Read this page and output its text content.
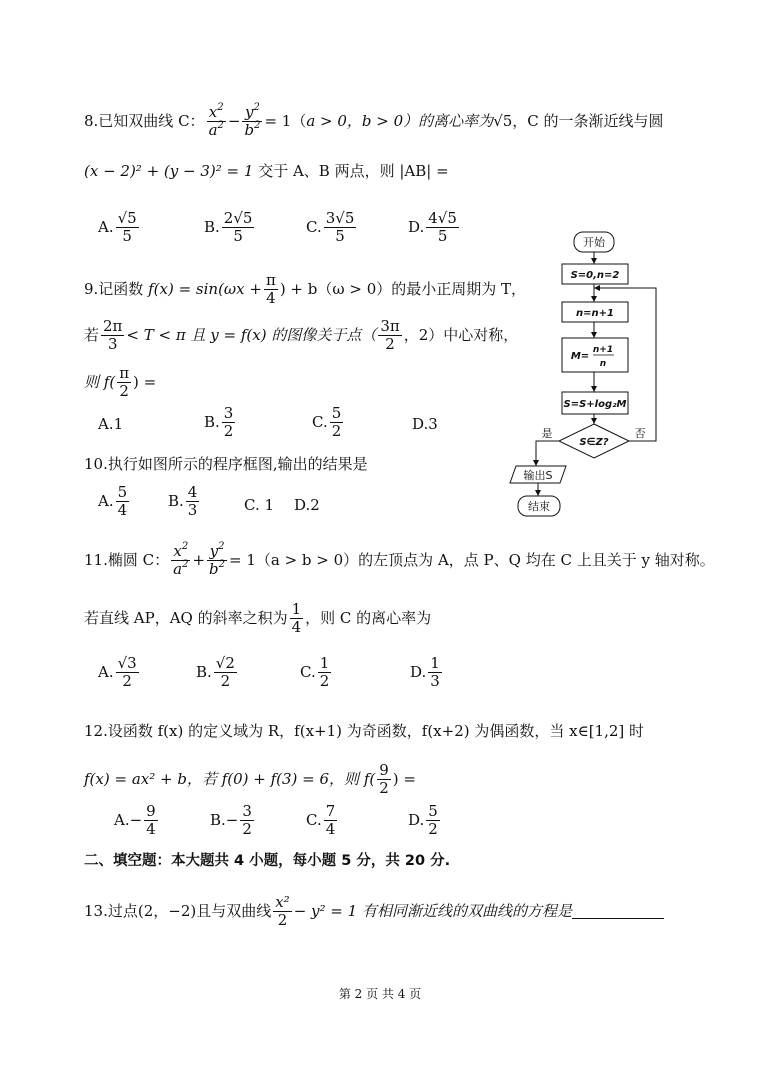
8.已知双曲线 C： $\frac{x^2}{a^2} - \frac{y^2}{b^2} = 1(a > 0$，b > 0）的离心率为√5，C 的一条渐近线与圆
(x − 2)² + (y − 3)² = 1 交于 A、B 两点，则 |AB| =
A. $\frac{√5}{5}$	B. $\frac{2√5}{5}$	C. $\frac{3√5}{5}$	D. $\frac{4√5}{5}$
9.记函数 $f(x) = \sin(\omega x + \frac{\pi}{4}$ ) + b（ω > 0）的最小正周期为 T，
若 $\frac{2\pi}{3} < T < \pi$ 且 y = f(x) 的图像关于点（ $\frac{3\pi}{2}$ ，2）中心对称，
则 $f( \frac{\pi}{2}$ ) =
A.1	B. $\frac{3}{2}$	C. $\frac{5}{2}$	D.3
10.执行如图所示的程序框图,输出的结果是
A. $\frac{5}{4}$	B. $\frac{4}{3}$	C. 1 D.2
开始
S=0,n=2
n=n+1
M=
n+1
n
S=S+log₂M
S∈Z?
是	否
输出S
结束
11.椭圆 C： $\frac{x^2}{a^2} + \frac{y^2}{b^2} = 1(a > b > 0)$的左顶点为 A，点 P、Q 均在 C 上且关于 y 轴对称。
若直线 AP，AQ 的斜率之积为 $\frac{1}{4}$ ，则 C 的离心率为
A. $\frac{√3}{2}$	B. $\frac{√2}{2}$	C. $\frac{1}{2}$	D. $\frac{1}{3}$
12.设函数 f(x) 的定义域为 R，f(x+1) 为奇函数，f(x+2) 为偶函数，当 x∈[1,2] 时
f(x) = ax² + b，若 f(0) + f(3) = 6，则 $f( \frac{9}{2}$ ) =
$A.- \frac{9}{4}$	$B.- \frac{3}{2}$	C. $\frac{7}{4}$	D. $\frac{5}{2}$
二、填空题：本大题共 4 小题，每小题 5 分，共 20 分.
13.过点(2，−2)且与双曲线 $\frac{\text{x²}}{2} - y^2 = 1$ 有相同渐近线的双曲线的方程是
第 2 页 共 4 页
